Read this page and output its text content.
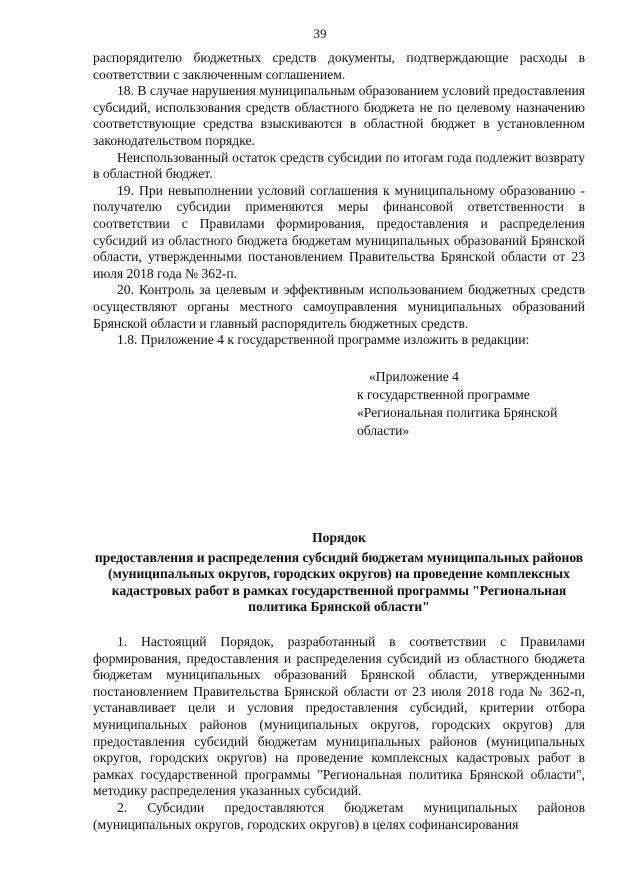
39

распорядителю бюджетных средств документы, подтверждающие расходы в соответствии с заключенным соглашением.

18. В случае нарушения муниципальным образованием условий предоставления субсидий, использования средств областного бюджета не по целевому назначению соответствующие средства взыскиваются в областной бюджет в установленном законодательством порядке.

Неиспользованный остаток средств субсидии по итогам года подлежит возврату в областной бюджет.

19. При невыполнении условий соглашения к муниципальному образованию - получателю субсидии применяются меры финансовой ответственности в соответствии с Правилами формирования, предоставления и распределения субсидий из областного бюджета бюджетам муниципальных образований Брянской области, утвержденными постановлением Правительства Брянской области от 23 июля 2018 года № 362-п.

20. Контроль за целевым и эффективным использованием бюджетных средств осуществляют органы местного самоуправления муниципальных образований Брянской области и главный распорядитель бюджетных средств.

1.8. Приложение 4 к государственной программе изложить в редакции:

«Приложение 4
к государственной программе
«Региональная политика Брянской
области»
Порядок
предоставления и распределения субсидий бюджетам муниципальных районов (муниципальных округов, городских округов) на проведение комплексных кадастровых работ в рамках государственной программы "Региональная политика Брянской области"

1. Настоящий Порядок, разработанный в соответствии с Правилами формирования, предоставления и распределения субсидий из областного бюджета бюджетам муниципальных образований Брянской области, утвержденными постановлением Правительства Брянской области от 23 июля 2018 года № 362-п, устанавливает цели и условия предоставления субсидий, критерии отбора муниципальных районов (муниципальных округов, городских округов) для предоставления субсидий бюджетам муниципальных районов (муниципальных округов, городских округов) на проведение комплексных кадастровых работ в рамках государственной программы "Региональная политика Брянской области", методику распределения указанных субсидий.

2. Субсидии предоставляются бюджетам муниципальных районов (муниципальных округов, городских округов) в целях софинансирования
